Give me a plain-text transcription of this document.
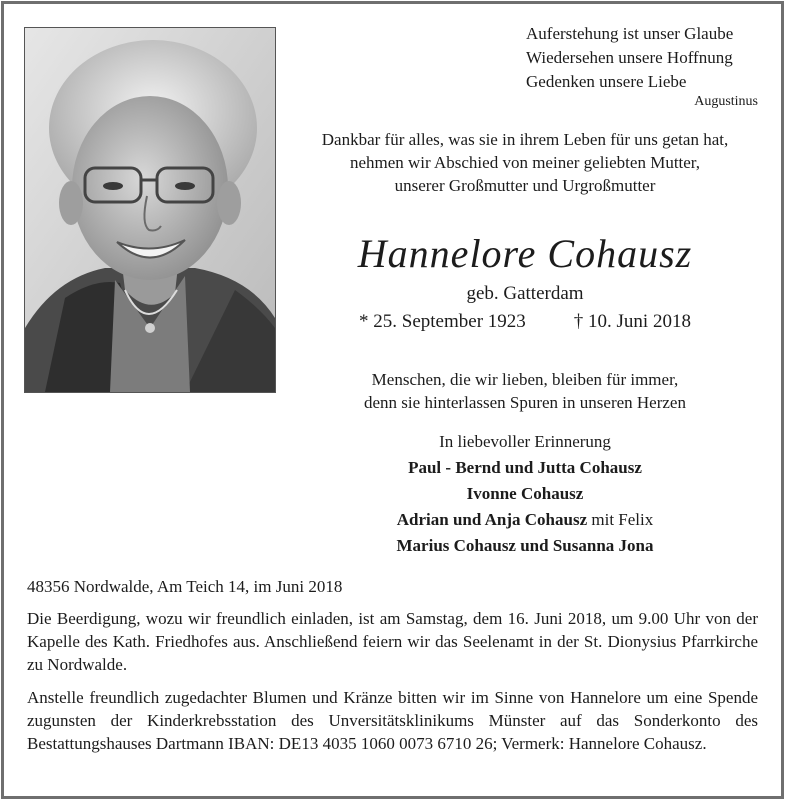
Auferstehung ist unser Glaube
Wiedersehen unsere Hoffnung
Gedenken unsere Liebe
Augustinus
Dankbar für alles, was sie in ihrem Leben für uns getan hat,
nehmen wir Abschied von meiner geliebten Mutter,
unserer Großmutter und Urgroßmutter
Hannelore Cohausz
geb. Gatterdam
* 25. September 1923	† 10. Juni 2018
Menschen, die wir lieben, bleiben für immer,
denn sie hinterlassen Spuren in unseren Herzen
In liebevoller Erinnerung
Paul - Bernd und Jutta Cohausz
Ivonne Cohausz
Adrian und Anja Cohausz mit Felix
Marius Cohausz und Susanna Jona
48356 Nordwalde, Am Teich 14, im Juni 2018
Die Beerdigung, wozu wir freundlich einladen, ist am Samstag, dem 16. Juni 2018, um 9.00 Uhr von der Kapelle des Kath. Friedhofes aus. Anschließend feiern wir das Seelenamt in der St. Dionysius Pfarrkirche zu Nordwalde.
Anstelle freundlich zugedachter Blumen und Kränze bitten wir im Sinne von Hannelore um eine Spende zugunsten der Kinderkrebsstation des Unversitätsklinikums Münster auf das Sonderkonto des Bestattungshauses Dartmann IBAN: DE13 4035 1060 0073 6710 26; Vermerk: Hannelore Cohausz.
